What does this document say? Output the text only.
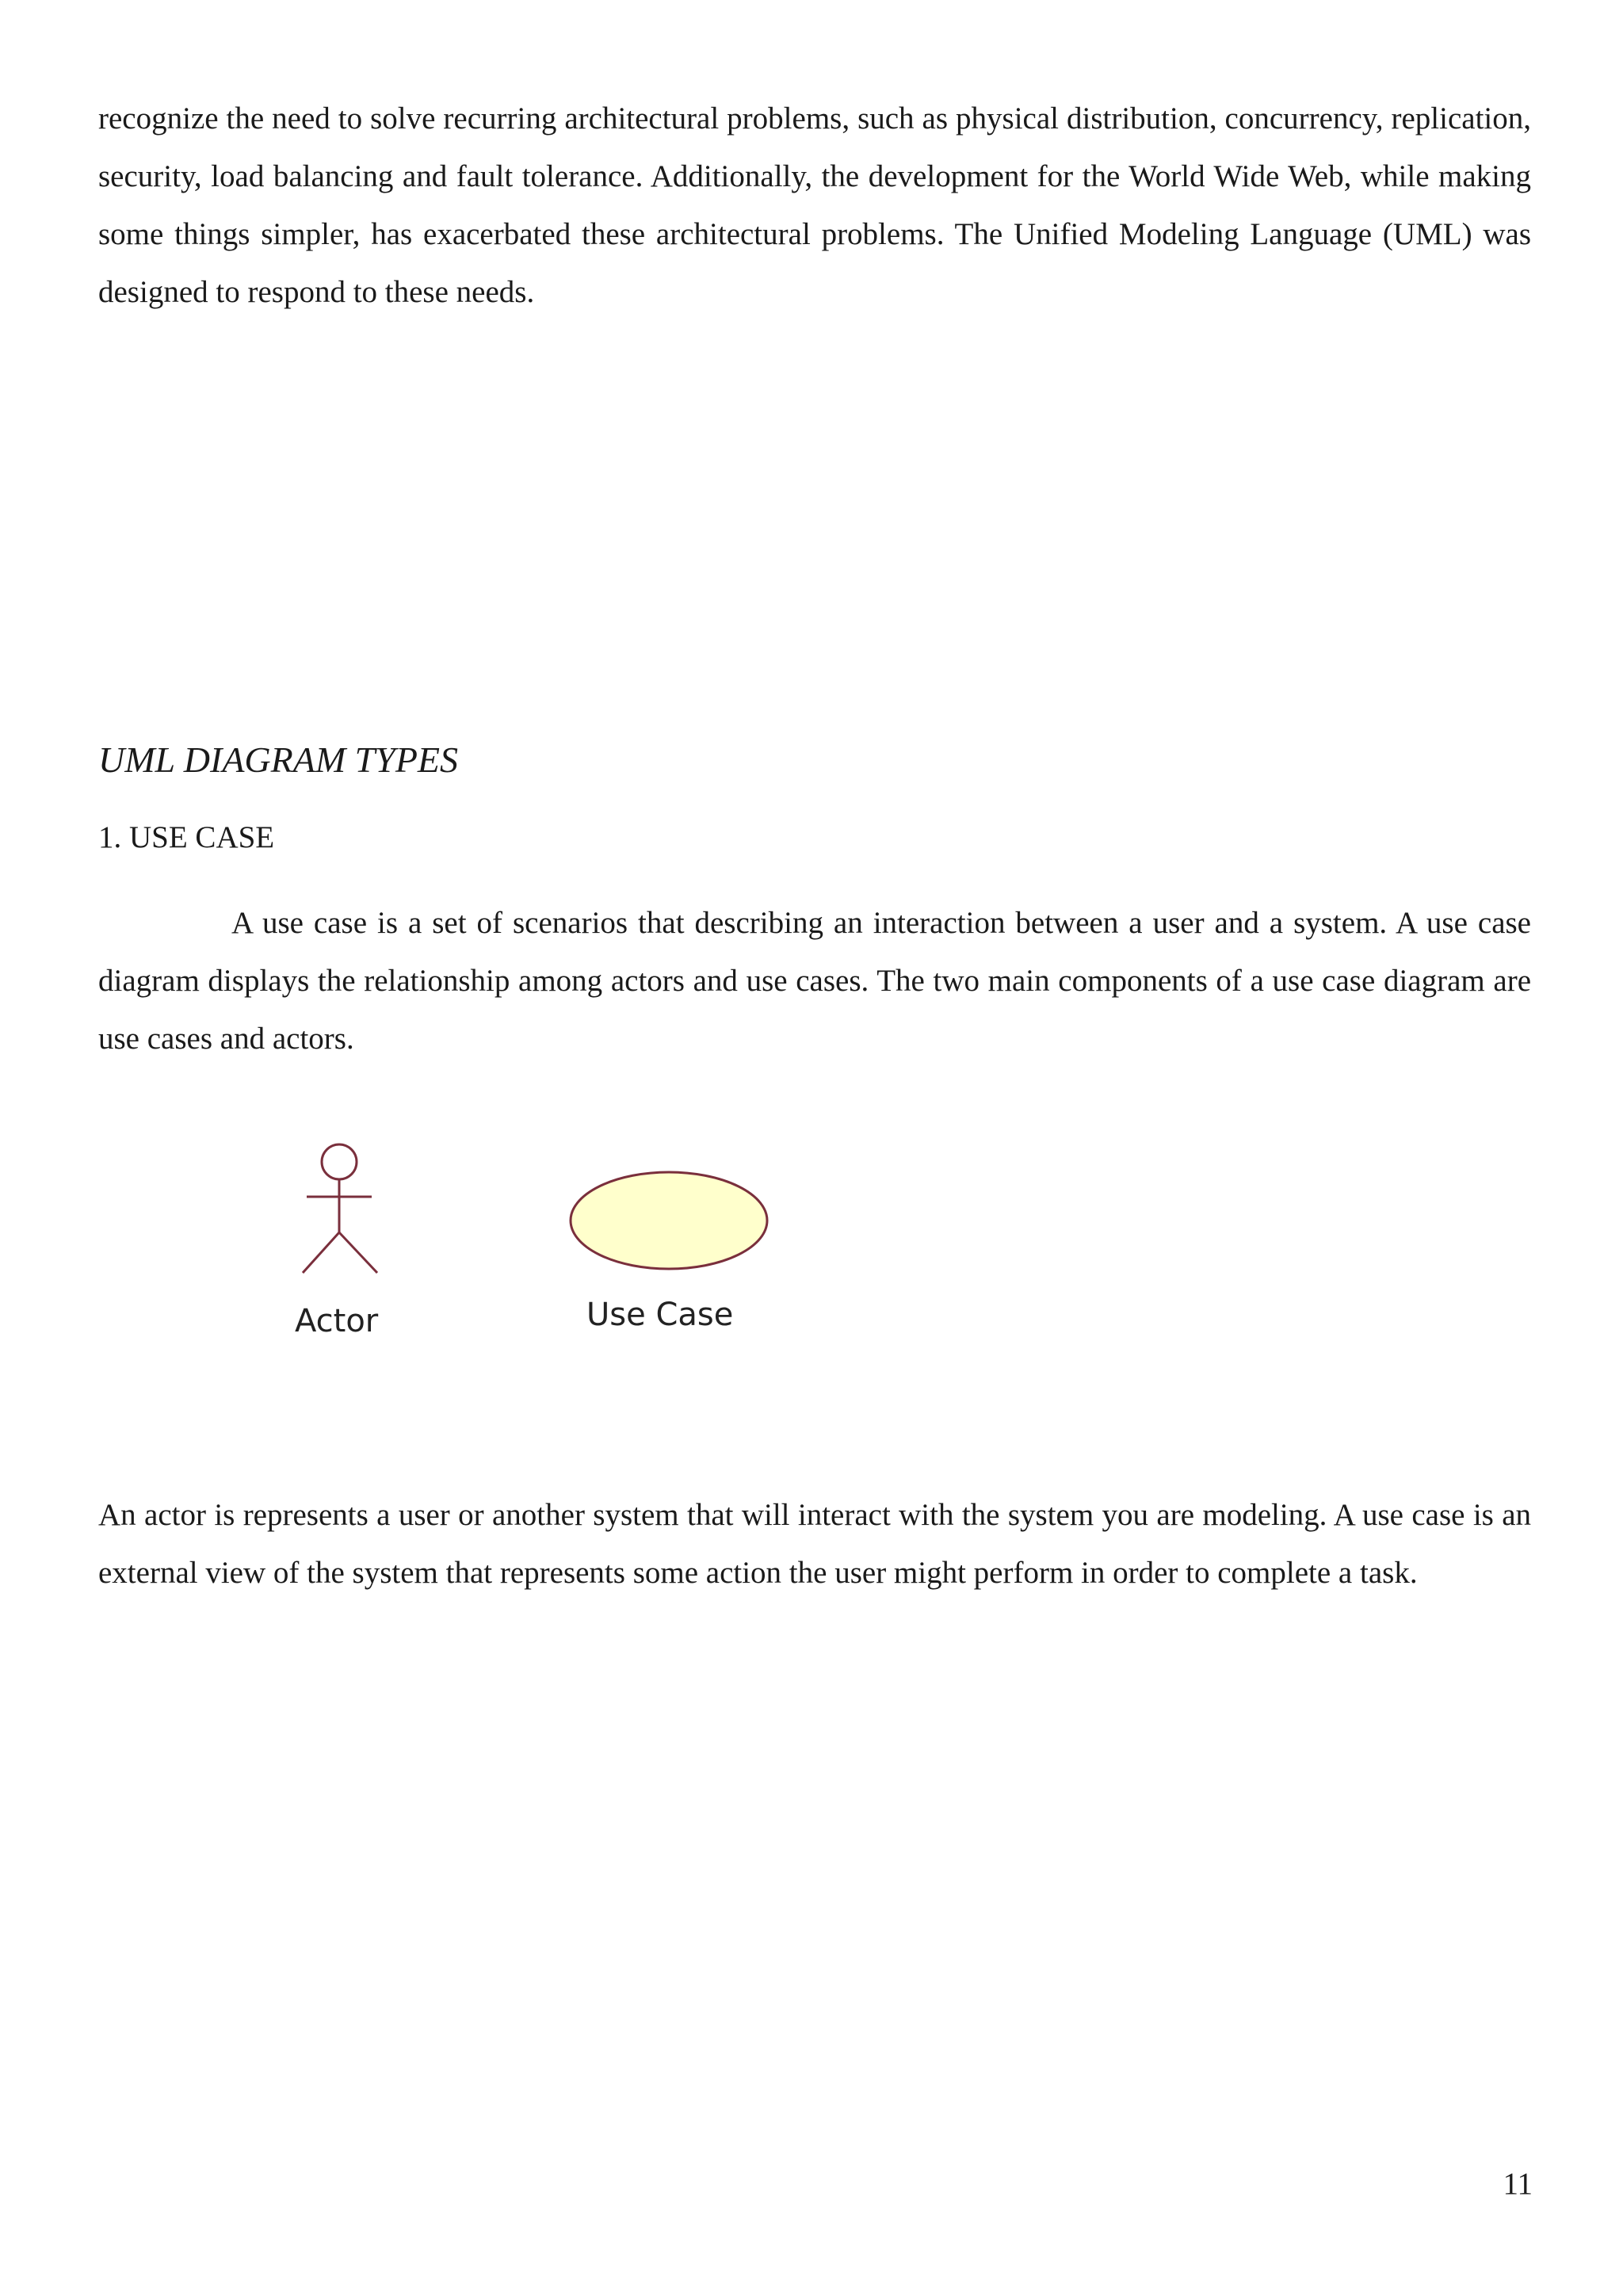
recognize the need to solve recurring architectural problems, such as physical distribution, concurrency, replication, security, load balancing and fault tolerance. Additionally, the development for the World Wide Web, while making some things simpler, has exacerbated these architectural problems. The Unified Modeling Language (UML) was designed to respond to these needs.

UML DIAGRAM TYPES
1. USE CASE

A use case is a set of scenarios that describing an interaction between a user and a system. A use case diagram displays the relationship among actors and use cases. The two main components of a use case diagram are use cases and actors.

Actor	Use Case

An actor is represents a user or another system that will interact with the system you are modeling. A use case is an external view of the system that represents some action the user might perform in order to complete a task.

11
